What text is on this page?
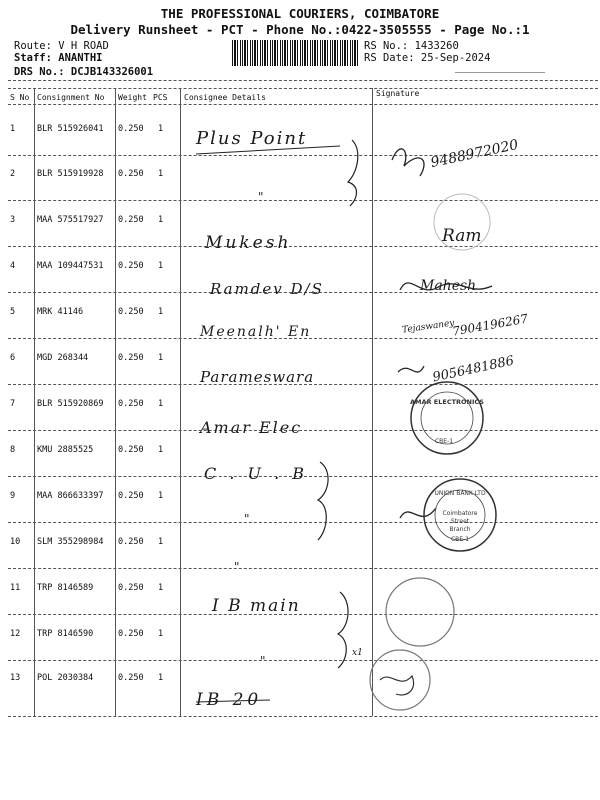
THE PROFESSIONAL COURIERS, COIMBATORE
Delivery Runsheet - PCT - Phone No.:0422-3505555 - Page No.:1
Route: V H ROAD
Staff: ANANTHI
DRS No.: DCJB143326001
RS No.: 1433260
RS Date: 25-Sep-2024
S No Consignment No Weight PCS Consignee Details	Signature
1	BLR 515926041 0.250 1
2	BLR 515919928 0.250 1
3	MAA 575517927 0.250 1
4	MAA 109447531 0.250 1
5	MRK 41146	0.250 1
6	MGD 268344	0.250 1
7	BLR 515920869 0.250 1
8	KMU 2885525	0.250 1
9	MAA 866633397 0.250 1
10 SLM 355298984 0.250 1
11 TRP 8146589	0.250 1
12 TRP 8146590	0.250 1
13 POL 2030384	0.250 1
Plus Point
"
Mukesh
Ramdev D/S
Meenalh' En
Parameswara
Amar Elec
C . U . B
"
"
I B main
"
x1
IB 20
9488972020
Ram
Mahesh
Tejaswaney
7904196267
9056481886
AMAR ELECTRONICS
CBE-1
UNION BANK LTD
Coimbatore
Street
Branch
CBE-1
